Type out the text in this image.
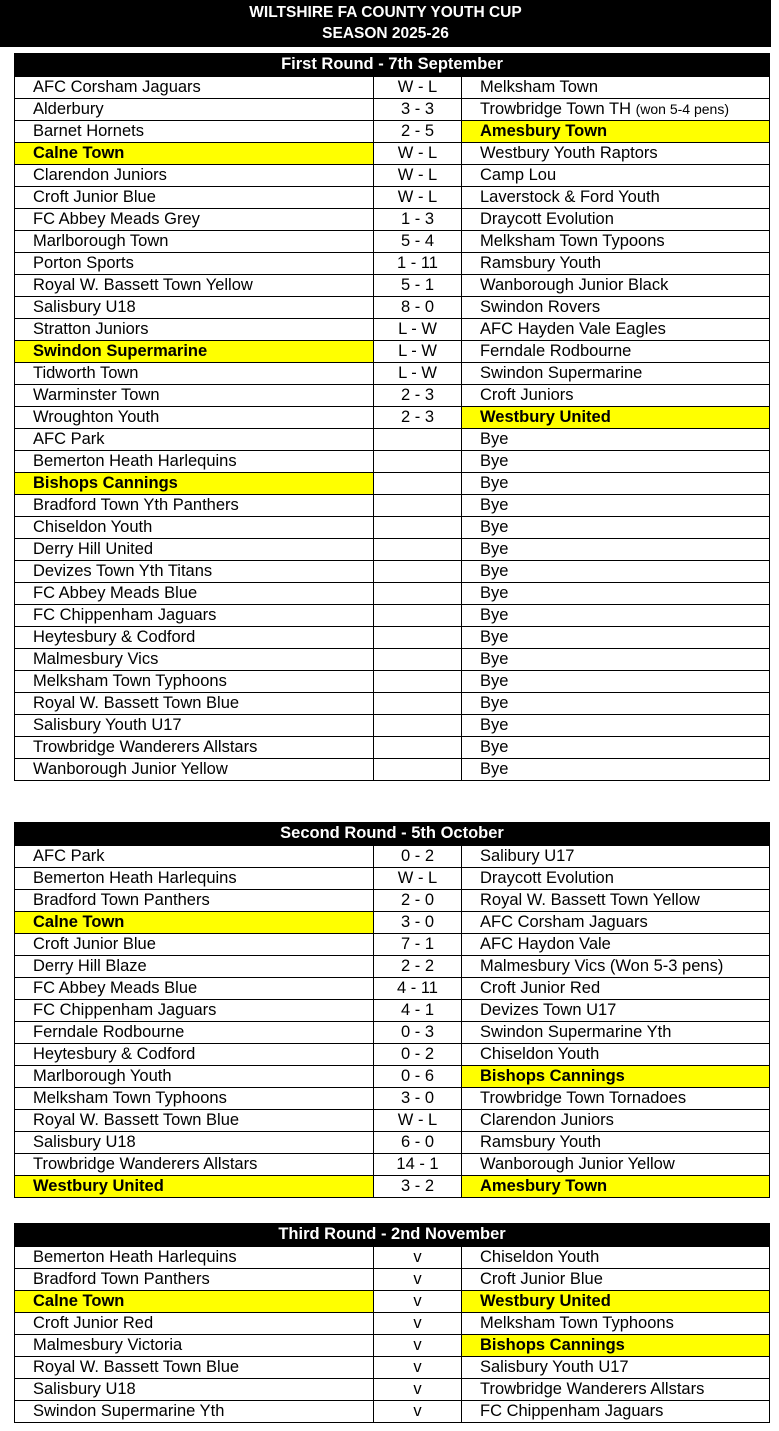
WILTSHIRE FA COUNTY YOUTH CUP
SEASON 2025-26
First Round - 7th September
AFC Corsham Jaguars	W - L	Melksham Town
Alderbury	3 - 3	Trowbridge Town TH (won 5-4 pens)
Barnet Hornets	2 - 5	Amesbury Town
Calne Town	W - L	Westbury Youth Raptors
Clarendon Juniors	W - L	Camp Lou
Croft Junior Blue	W - L	Laverstock & Ford Youth
FC Abbey Meads Grey	1 - 3	Draycott Evolution
Marlborough Town	5 - 4	Melksham Town Typoons
Porton Sports	1 - 11	Ramsbury Youth
Royal W. Bassett Town Yellow	5 - 1	Wanborough Junior Black
Salisbury U18	8 - 0	Swindon Rovers
Stratton Juniors	L - W	AFC Hayden Vale Eagles
Swindon Supermarine	L - W	Ferndale Rodbourne
Tidworth Town	L - W	Swindon Supermarine
Warminster Town	2 - 3	Croft Juniors
Wroughton Youth	2 - 3	Westbury United
AFC Park		Bye
Bemerton Heath Harlequins		Bye
Bishops Cannings		Bye
Bradford Town Yth Panthers		Bye
Chiseldon Youth		Bye
Derry Hill United		Bye
Devizes Town Yth Titans		Bye
FC Abbey Meads Blue		Bye
FC Chippenham Jaguars		Bye
Heytesbury & Codford		Bye
Malmesbury Vics		Bye
Melksham Town Typhoons		Bye
Royal W. Bassett Town Blue		Bye
Salisbury Youth U17		Bye
Trowbridge Wanderers Allstars		Bye
Wanborough Junior Yellow		Bye
Second Round - 5th October
AFC Park	0 - 2	Salibury U17
Bemerton Heath Harlequins	W - L	Draycott Evolution
Bradford Town Panthers	2 - 0	Royal W. Bassett Town Yellow
Calne Town	3 - 0	AFC Corsham Jaguars
Croft Junior Blue	7 - 1	AFC Haydon Vale
Derry Hill Blaze	2 - 2	Malmesbury Vics (Won 5-3 pens)
FC Abbey Meads Blue	4 - 11	Croft Junior Red
FC Chippenham Jaguars	4 - 1	Devizes Town U17
Ferndale Rodbourne	0 - 3	Swindon Supermarine Yth
Heytesbury & Codford	0 - 2	Chiseldon Youth
Marlborough Youth	0 - 6	Bishops Cannings
Melksham Town Typhoons	3 - 0	Trowbridge Town Tornadoes
Royal W. Bassett Town Blue	W - L	Clarendon Juniors
Salisbury U18	6 - 0	Ramsbury Youth
Trowbridge Wanderers Allstars	14 - 1	Wanborough Junior Yellow
Westbury United	3 - 2	Amesbury Town
Third Round - 2nd November
Bemerton Heath Harlequins	v	Chiseldon Youth
Bradford Town Panthers	v	Croft Junior Blue
Calne Town	v	Westbury United
Croft Junior Red	v	Melksham Town Typhoons
Malmesbury Victoria	v	Bishops Cannings
Royal W. Bassett Town Blue	v	Salisbury Youth U17
Salisbury U18	v	Trowbridge Wanderers Allstars
Swindon Supermarine Yth	v	FC Chippenham Jaguars
